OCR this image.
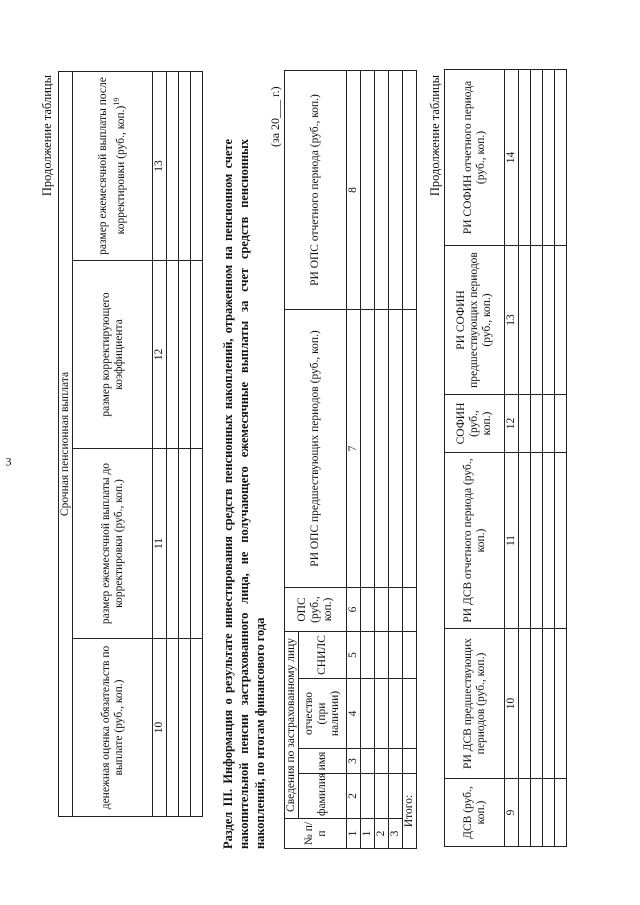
3
Продолжение таблицы
Срочная пенсионная выплата			
денежная оценка обязательств по выплате (руб., коп.)	размер ежемесячной выплаты до корректировки (руб., коп.)	размер корректирующего коэффициента	размер ежемесячной выплаты после корректировки (руб., коп.)$^{19}$
10	11	12	13

				Раздел III. Информация о результате инвестирования средств пенсионных накоплений, отраженном на пенсионном счете накопительной пенсии застрахованного лица, не получающего ежемесячные выплаты за счет средств пенсионных накоплений, по итогам финансового года
(за 20___ г.)
№ п/п	Сведения по застрахованному лицу				ОПС (руб., коп.)	РИ ОПС предшествующих периодов (руб., коп.)	РИ ОПС отчетного периода (руб., коп.)
	фамилия	имя	отчество (при наличии)	СНИЛС			
1	2	3	4	5	6	7	8
1							
2							
3							
Итого:							
Продолжение таблицы
ДСВ (руб., коп.)	РИ ДСВ предшествующих периодов (руб., коп.)	РИ ДСВ отчетного периода (руб., коп.)	СОФИН (руб., коп.)	РИ СОФИН предшествующих периодов (руб., коп.)	РИ СОФИН отчетного периода (руб., коп.)
9	10	11	12	13	14
